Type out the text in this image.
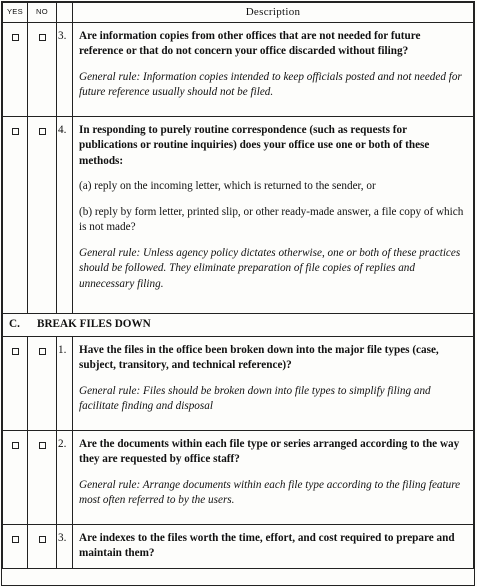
YES	NO		Description
		3.	Are information copies from other offices that are not needed for future reference or that do not concern your office discarded without filing?

General rule: Information copies intended to keep officials posted and not needed for future reference usually should not be filed.

		4.	In responding to purely routine correspondence (such as requests for publications or routine inquiries) does your office use one or both of these methods:

(a) reply on the incoming letter, which is returned to the sender, or

(b) reply by form letter, printed slip, or other ready-made answer, a file copy of which is not made?

General rule: Unless agency policy dictates otherwise, one or both of these practices should be followed. They eliminate preparation of file copies of replies and unnecessary filing.

C. BREAK FILES DOWN			
		1.	Have the files in the office been broken down into the major file types (case, subject, transitory, and technical reference)?

General rule: Files should be broken down into file types to simplify filing and facilitate finding and disposal

		2.	Are the documents within each file type or series arranged according to the way they are requested by office staff?

General rule: Arrange documents within each file type according to the filing feature most often referred to by the users.

		3.	Are indexes to the files worth the time, effort, and cost required to prepare and maintain them?
